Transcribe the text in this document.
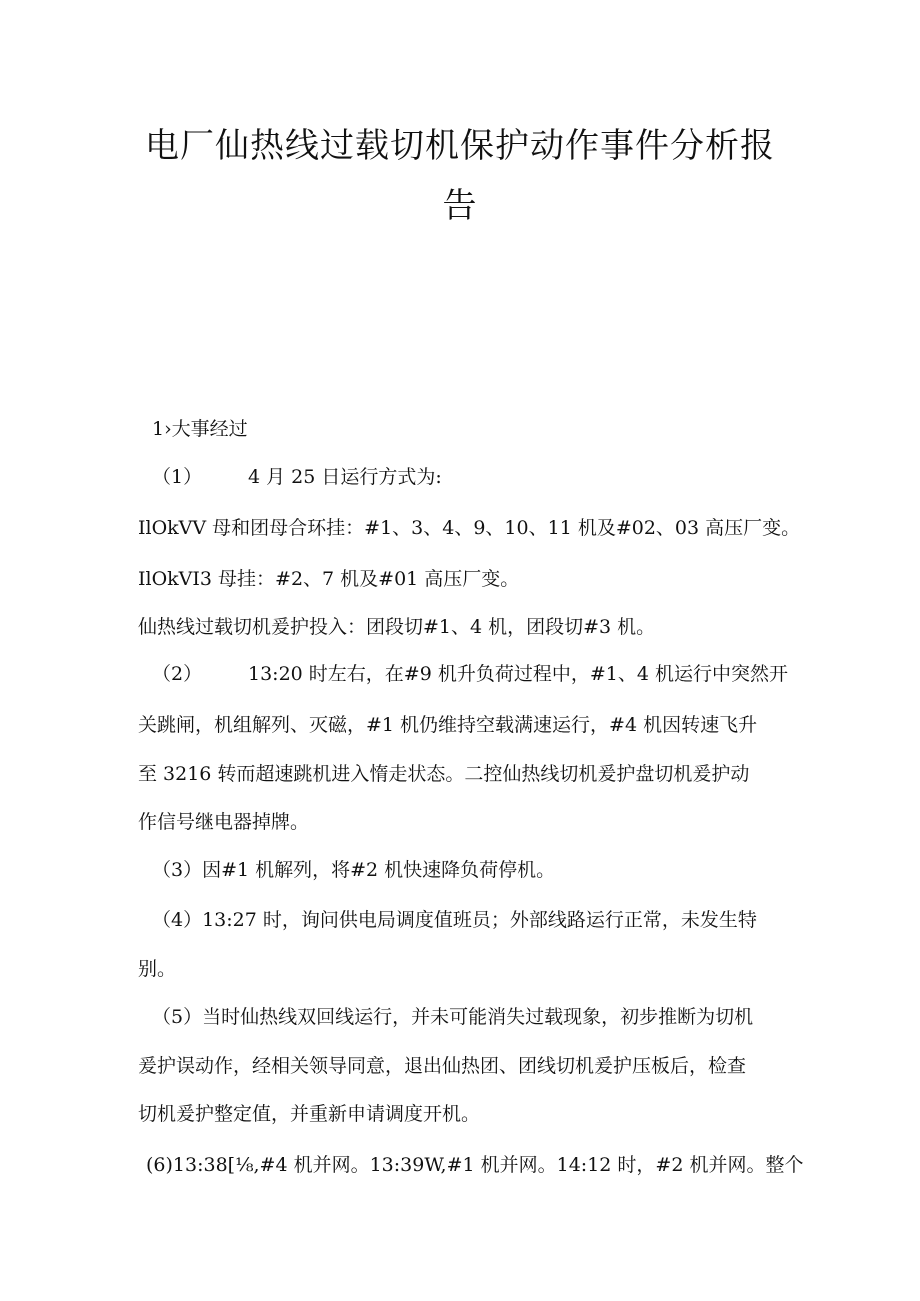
电厂仙热线过载切机保护动作事件分析报
告

1›大事经过

（1） 4 月 25 日运行方式为:

IlOkVV 母和团母合环挂：#1、3、4、9、10、11 机及#02、03 高压厂变。

IlOkVI3 母挂：#2、7 机及#01 高压厂变。

仙热线过载切机爰护投入：团段切#1、4 机，团段切#3 机。

（2） 13:20 时左右，在#9 机升负荷过程中，#1、4 机运行中突然开

关跳闸，机组解列、灭磁，#1 机仍维持空载满速运行，#4 机因转速飞升

至 3216 转而超速跳机进入惰走状态。二控仙热线切机爰护盘切机爰护动

作信号继电器掉牌。

（3）因#1 机解列，将#2 机快速降负荷停机。

（4）13:27 时，询问供电局调度值班员；外部线路运行正常，未发生特

别。

（5）当时仙热线双回线运行，并未可能消失过载现象，初步推断为切机

爰护误动作，经相关领导同意，退出仙热团、团线切机爰护压板后，检查

切机爰护整定值，并重新申请调度开机。

(6)13:38[⅛,#4 机并网。13:39W,#1 机并网。14:12 时，#2 机并网。整个
